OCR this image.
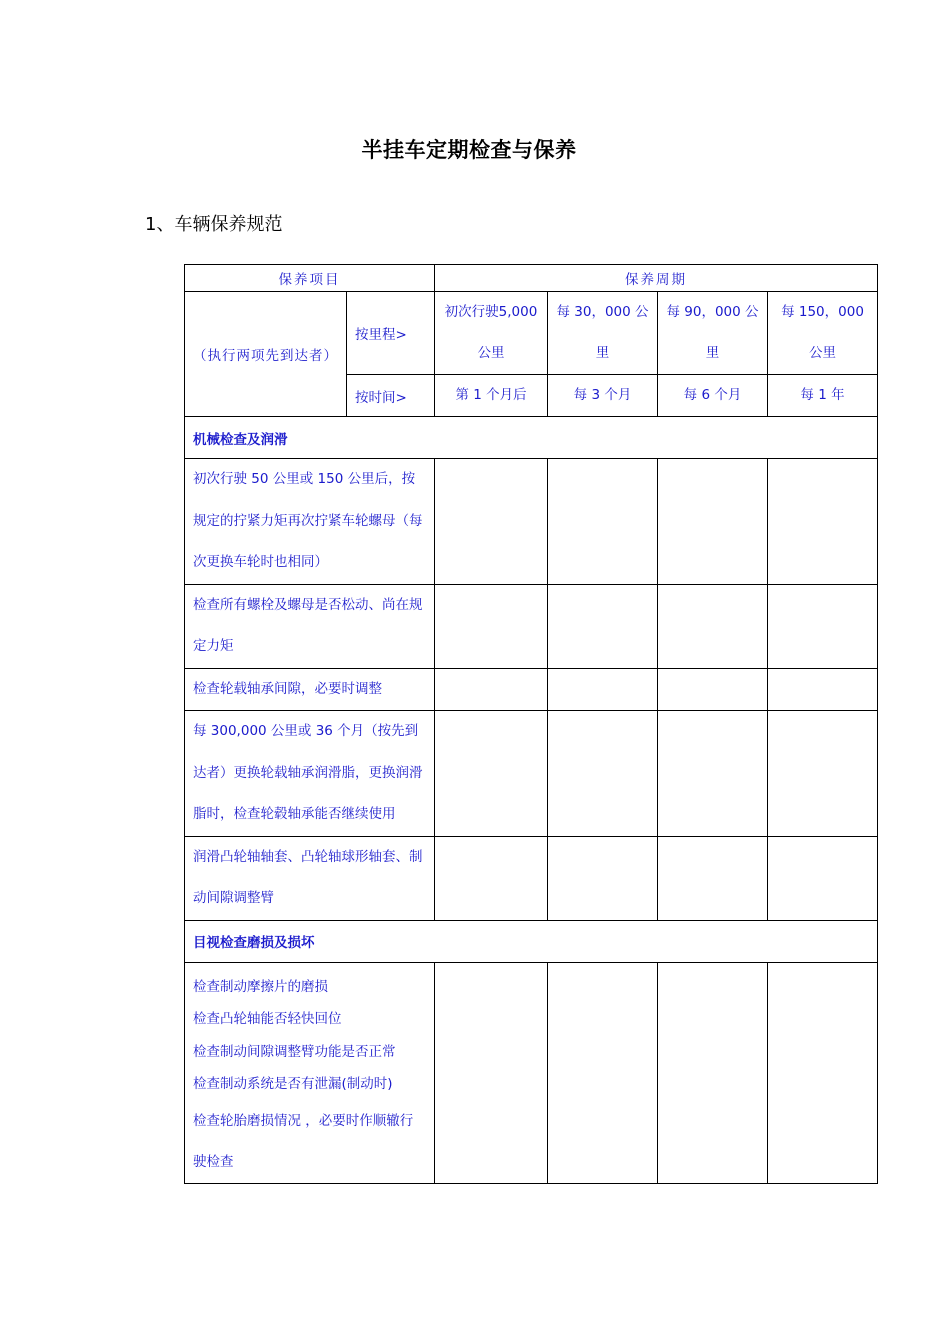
半挂车定期检查与保养
1、车辆保养规范
保养项目		保养周期			
（执行两项先到达者）	按里程>	初次行驶5,000公里	每 30，000 公里	每 90，000 公里	每 150，000 公里
	按时间>	第 1 个月后	每 3 个月	每 6 个月	每 1 年
机械检查及润滑					
初次行驶 50 公里或 150 公里后，按规定的拧紧力矩再次拧紧车轮螺母（每次更换车轮时也相同）					
检查所有螺栓及螺母是否松动、尚在规定力矩					
检查轮载轴承间隙，必要时调整					
每 300,000 公里或 36 个月（按先到达者）更换轮载轴承润滑脂，更换润滑脂时，检查轮毂轴承能否继续使用					
润滑凸轮轴轴套、凸轮轴球形轴套、制动间隙调整臂					
目视检查磨损及损坏					

检查制动摩擦片的磨损
检查凸轮轴能否轻快回位
检查制动间隙调整臂功能是否正常
检查制动系统是否有泄漏(制动时)
检查轮胎磨损情况 ，必要时作顺辙行驶检查					
